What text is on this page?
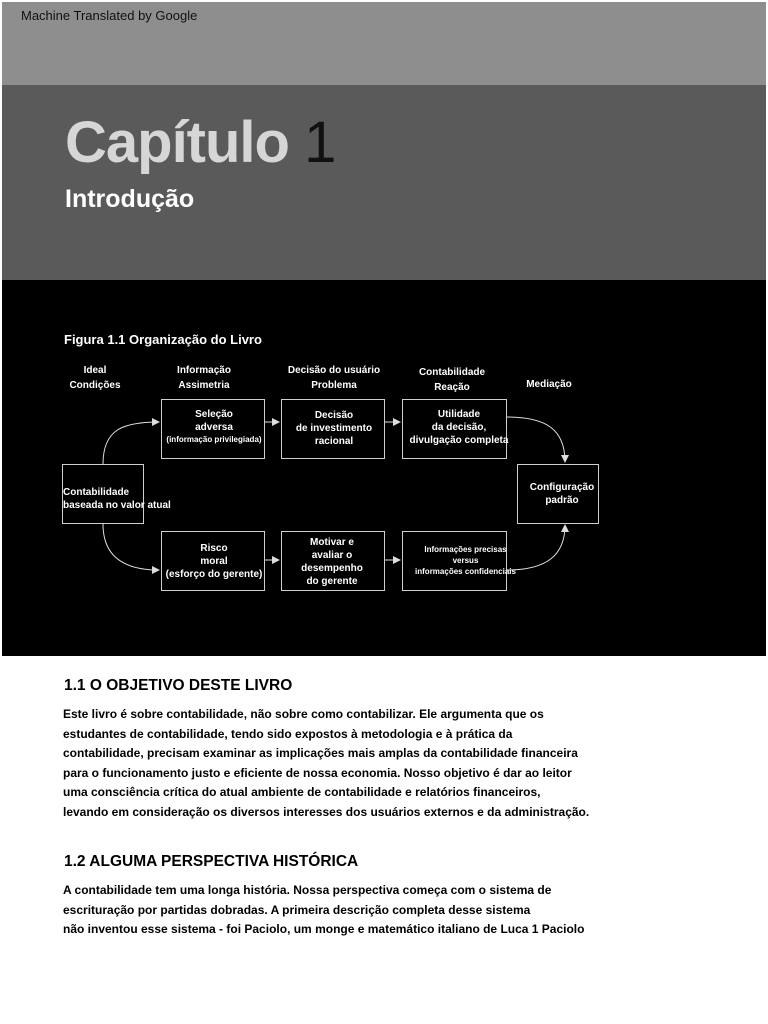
Machine Translated by Google
Capítulo 1
Introdução
Figura 1.1 Organização do Livro
Ideal
Condições
Informação
Assimetria
Decisão do usuário
Problema
Contabilidade
Reação	Mediação
Contabilidade
baseada no valor atual
Seleção
adversa
(informação privilegiada)
Decisão
de investimento
racional
Utilidade
da decisão,
divulgação completa
Configuração
padrão
Risco
moral
(esforço do gerente)
Motivar e
avaliar o
desempenho
do gerente
Informações precisas
versus
informações confidenciais
1.1 O OBJETIVO DESTE LIVRO

Este livro é sobre contabilidade, não sobre como contabilizar. Ele argumenta que os

estudantes de contabilidade, tendo sido expostos à metodologia e à prática da

contabilidade, precisam examinar as implicações mais amplas da contabilidade financeira

para o funcionamento justo e eficiente de nossa economia. Nosso objetivo é dar ao leitor

uma consciência crítica do atual ambiente de contabilidade e relatórios financeiros,

levando em consideração os diversos interesses dos usuários externos e da administração.

1.2 ALGUMA PERSPECTIVA HISTÓRICA

A contabilidade tem uma longa história. Nossa perspectiva começa com o sistema de

escrituração por partidas dobradas. A primeira descrição completa desse sistema

não inventou esse sistema - foi Paciolo, um monge e matemático italiano de Luca 1 Paciolo
